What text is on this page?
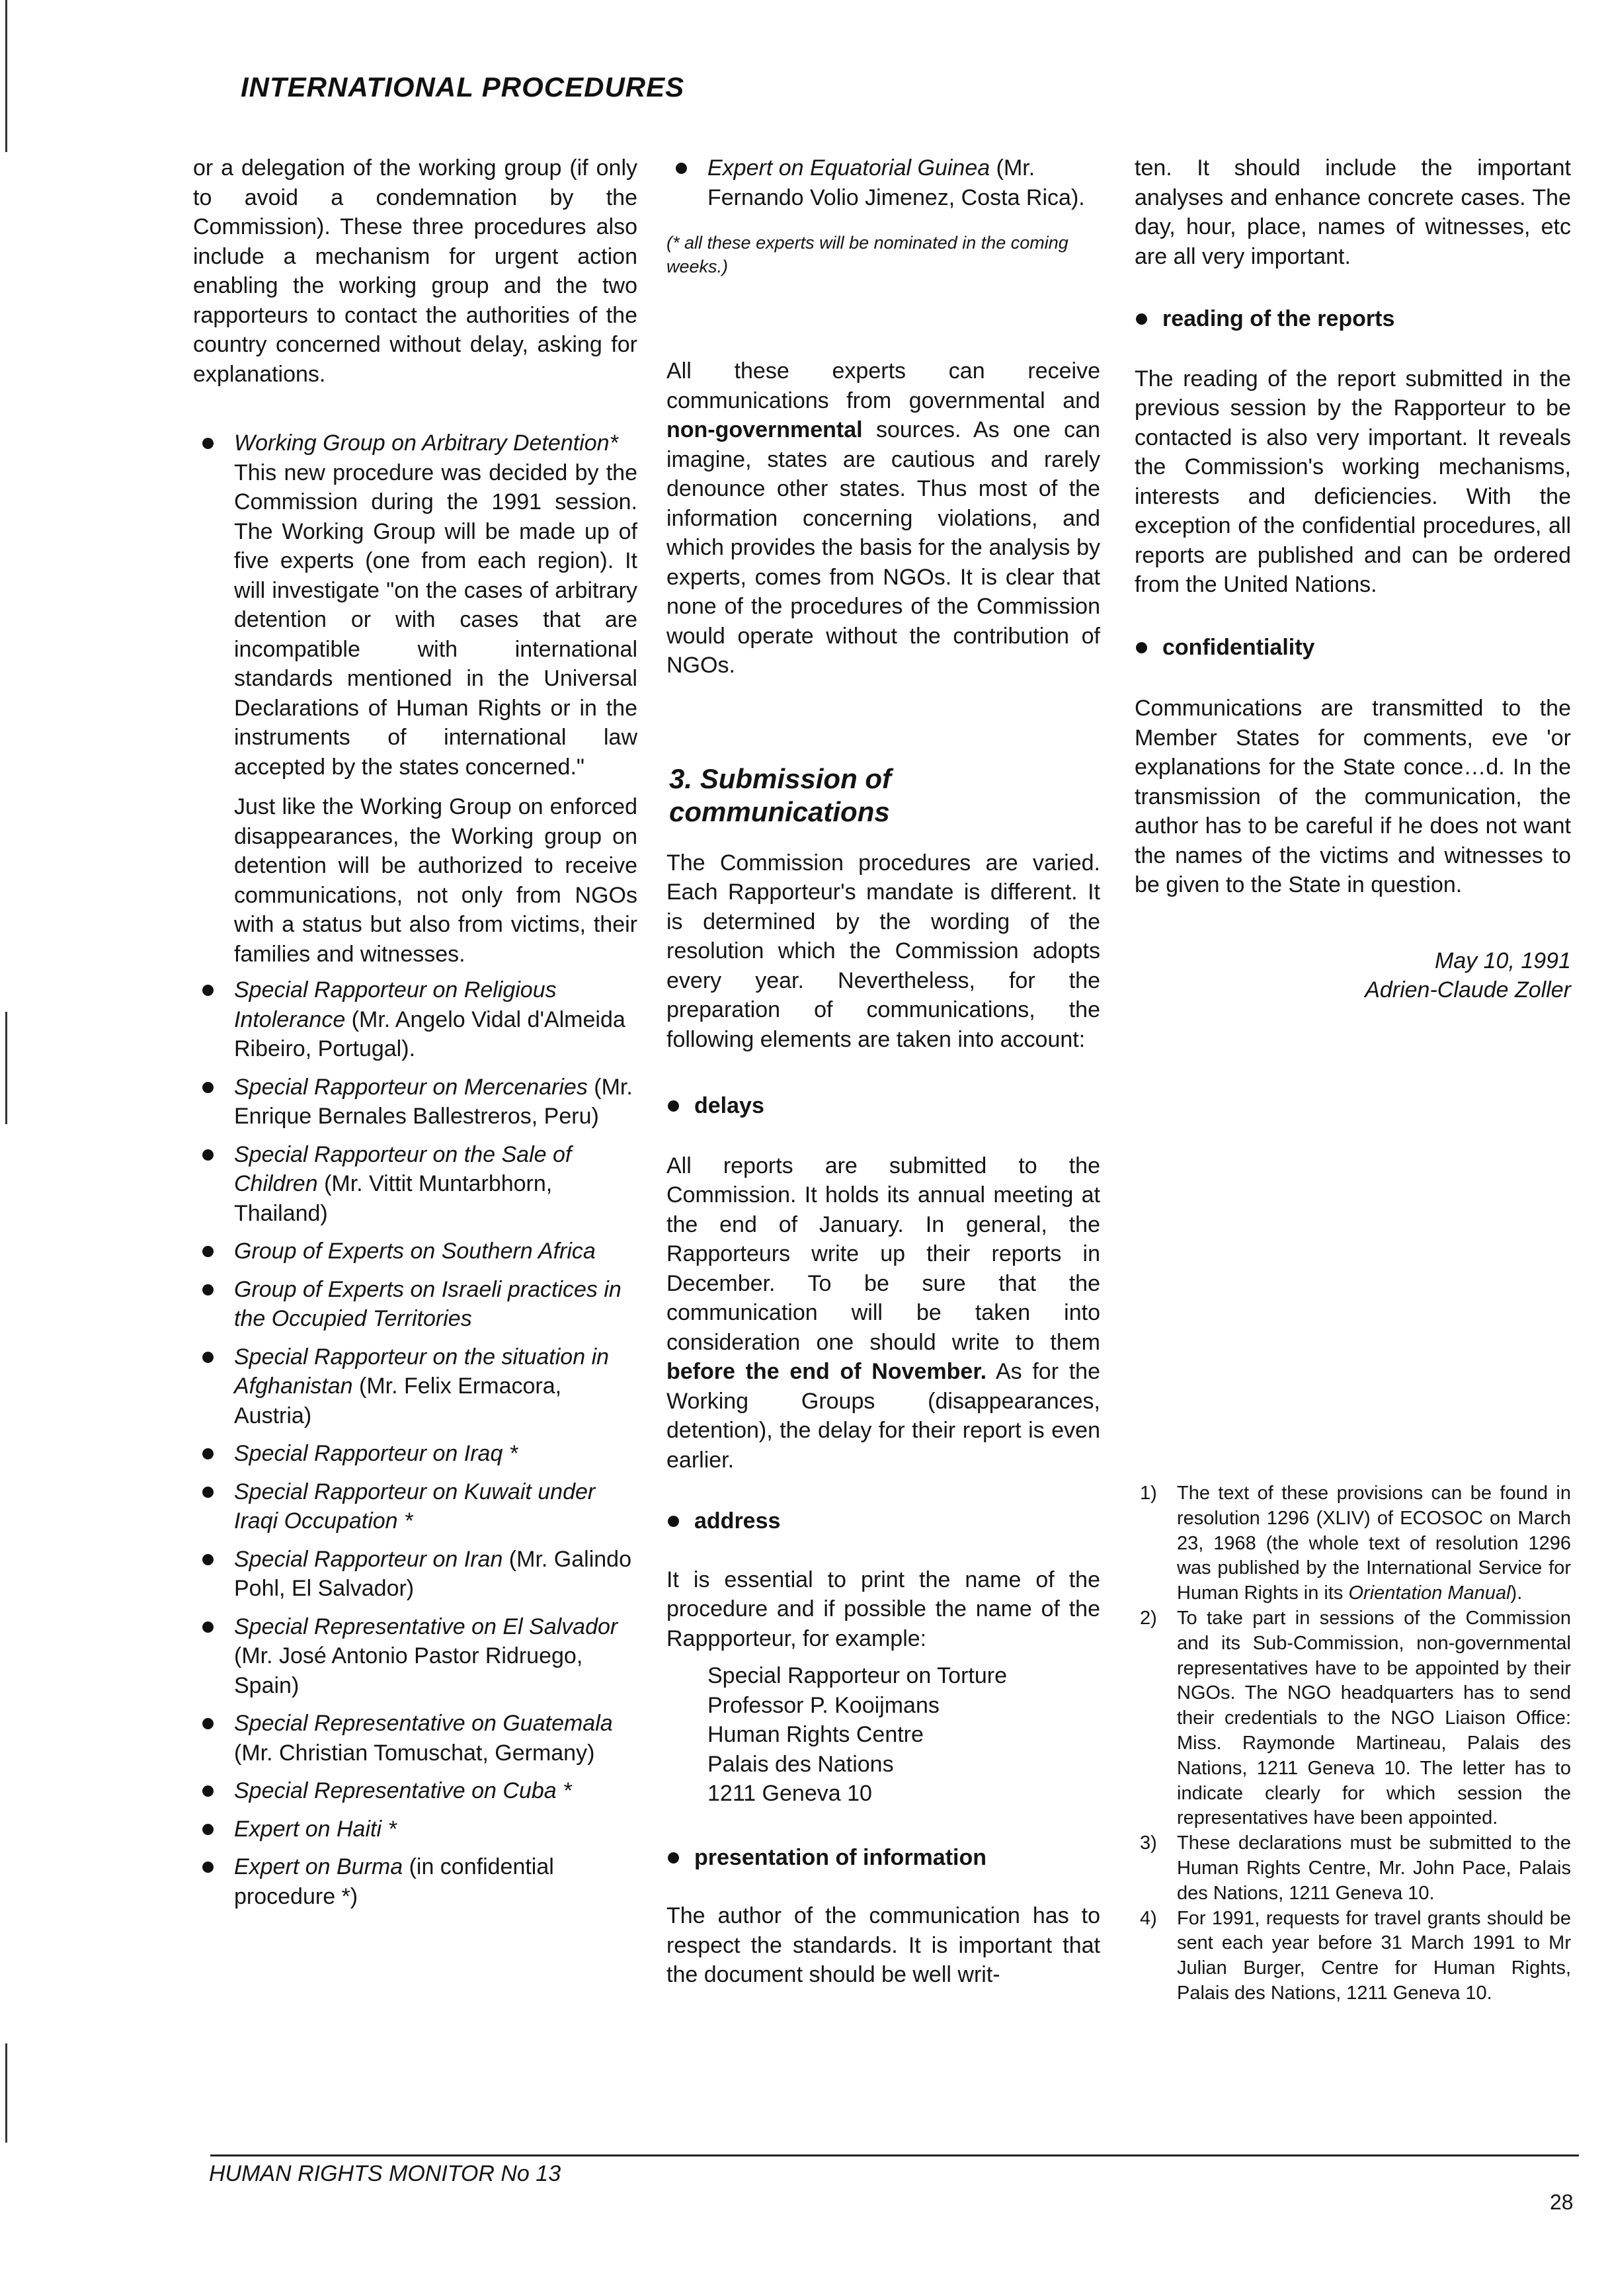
INTERNATIONAL PROCEDURES

or a delegation of the working group (if only to avoid a condemnation by the Commission). These three procedures also include a mechanism for urgent action enabling the working group and the two rapporteurs to contact the authorities of the country concerned without delay, asking for explanations.

Working Group on Arbitrary Detention*

This new procedure was decided by the Commission during the 1991 session. The Working Group will be made up of five experts (one from each region). It will investigate "on the cases of arbitrary detention or with cases that are incompatible with international standards mentioned in the Universal Declarations of Human Rights or in the instruments of international law accepted by the states concerned."

Just like the Working Group on enforced disappearances, the Working group on detention will be authorized to receive communications, not only from NGOs with a status but also from victims, their families and witnesses.

Special Rapporteur on Religious Intolerance (Mr. Angelo Vidal d'Almeida Ribeiro, Portugal).

Special Rapporteur on Mercenaries (Mr. Enrique Bernales Ballestreros, Peru)

Special Rapporteur on the Sale of Children (Mr. Vittit Muntarbhorn, Thailand)

Group of Experts on Southern Africa

Group of Experts on Israeli practices in the Occupied Territories

Special Rapporteur on the situation in Afghanistan (Mr. Felix Ermacora, Austria)

Special Rapporteur on Iraq *

Special Rapporteur on Kuwait under Iraqi Occupation *

Special Rapporteur on Iran (Mr. Galindo Pohl, El Salvador)

Special Representative on El Salvador (Mr. José Antonio Pastor Ridruego, Spain)

Special Representative on Guatemala (Mr. Christian Tomuschat, Germany)

Special Representative on Cuba *

Expert on Haiti *

Expert on Burma (in confidential procedure *)

Expert on Equatorial Guinea (Mr. Fernando Volio Jimenez, Costa Rica).

(* all these experts will be nominated in the coming weeks.)

All these experts can receive communications from governmental and non-governmental sources. As one can imagine, states are cautious and rarely denounce other states. Thus most of the information concerning violations, and which provides the basis for the analysis by experts, comes from NGOs. It is clear that none of the procedures of the Commission would operate without the contribution of NGOs.

3. Submission of communications

The Commission procedures are varied. Each Rapporteur's mandate is different. It is determined by the wording of the resolution which the Commission adopts every year. Nevertheless, for the preparation of communications, the following elements are taken into account:

delays

All reports are submitted to the Commission. It holds its annual meeting at the end of January. In general, the Rapporteurs write up their reports in December. To be sure that the communication will be taken into consideration one should write to them before the end of November. As for the Working Groups (disappearances, detention), the delay for their report is even earlier.

address

It is essential to print the name of the procedure and if possible the name of the Rappporteur, for example:

Special Rapporteur on Torture

Professor P. Kooijmans

Human Rights Centre

Palais des Nations

1211 Geneva 10

presentation of information

The author of the communication has to respect the standards. It is important that the document should be well writ-

ten. It should include the important analyses and enhance concrete cases. The day, hour, place, names of witnesses, etc are all very important.

reading of the reports

The reading of the report submitted in the previous session by the Rapporteur to be contacted is also very important. It reveals the Commission's working mechanisms, interests and deficiencies. With the exception of the confidential procedures, all reports are published and can be ordered from the United Nations.

confidentiality

Communications are transmitted to the Member States for comments, eve 'or explanations for the State conce…d. In the transmission of the communication, the author has to be careful if he does not want the names of the victims and witnesses to be given to the State in question.

May 10, 1991

Adrien-Claude Zoller

1) The text of these provisions can be found in resolution 1296 (XLIV) of ECOSOC on March 23, 1968 (the whole text of resolution 1296 was published by the International Service for Human Rights in its Orientation Manual).

2) To take part in sessions of the Commission and its Sub-Commission, non-governmental representatives have to be appointed by their NGOs. The NGO headquarters has to send their credentials to the NGO Liaison Office: Miss. Raymonde Martineau, Palais des Nations, 1211 Geneva 10. The letter has to indicate clearly for which session the representatives have been appointed.

3) These declarations must be submitted to the Human Rights Centre, Mr. John Pace, Palais des Nations, 1211 Geneva 10.

4) For 1991, requests for travel grants should be sent each year before 31 March 1991 to Mr Julian Burger, Centre for Human Rights, Palais des Nations, 1211 Geneva 10.

HUMAN RIGHTS MONITOR No 13
28
